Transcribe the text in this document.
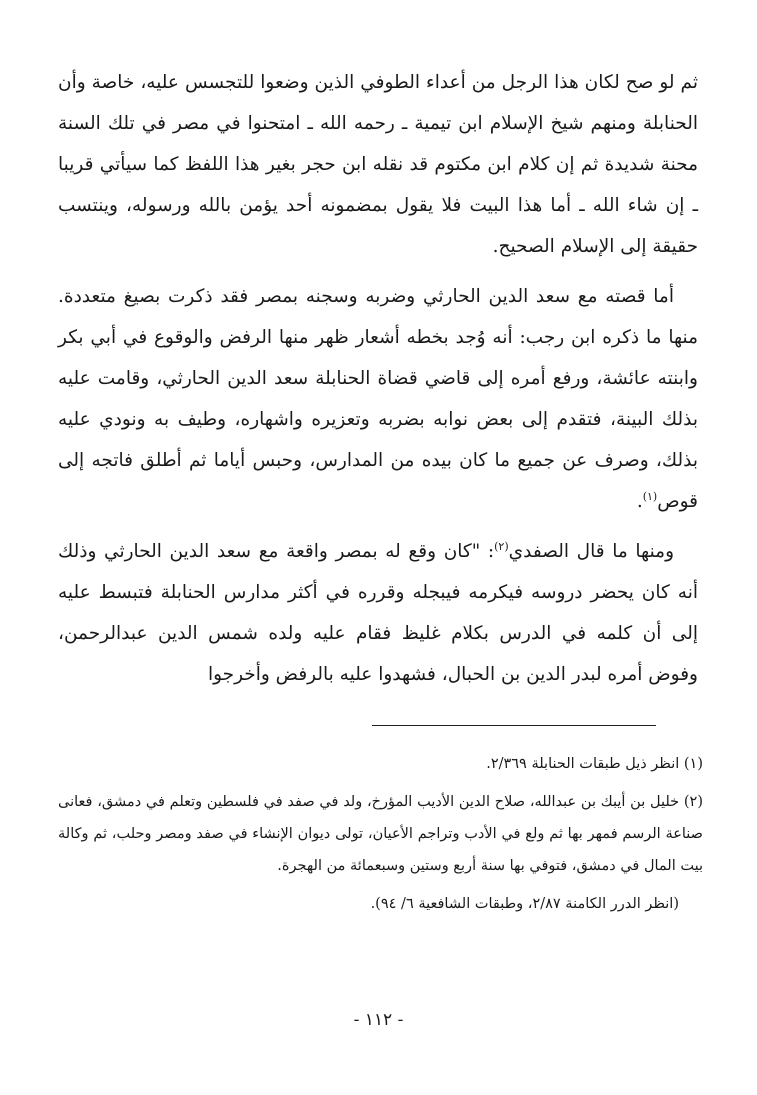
ثم لو صح لكان هذا الرجل من أعداء الطوفي الذين وضعوا للتجسس عليه، خاصة وأن الحنابلة ومنهم شيخ الإسلام ابن تيمية ـ رحمه الله ـ امتحنوا في مصر في تلك السنة محنة شديدة ثم إن كلام ابن مكتوم قد نقله ابن حجر بغير هذا اللفظ كما سيأتي قريبا ـ إن شاء الله ـ أما هذا البيت فلا يقول بمضمونه أحد يؤمن بالله ورسوله، وينتسب حقيقة إلى الإسلام الصحيح.

أما قصته مع سعد الدين الحارثي وضربه وسجنه بمصر فقد ذكرت بصيغ متعددة. منها ما ذكره ابن رجب: أنه وُجد بخطه أشعار ظهر منها الرفض والوقوع في أبي بكر وابنته عائشة، ورفع أمره إلى قاضي قضاة الحنابلة سعد الدين الحارثي، وقامت عليه بذلك البينة، فتقدم إلى بعض نوابه بضربه وتعزيره واشهاره، وطيف به ونودي عليه بذلك، وصرف عن جميع ما كان بيده من المدارس، وحبس أياما ثم أطلق فاتجه إلى قوص$^{(١)}$.

ومنها ما قال الصفدي$^{(٢)}$: "كان وقع له بمصر واقعة مع سعد الدين الحارثي وذلك أنه كان يحضر دروسه فيكرمه فيبجله وقرره في أكثر مدارس الحنابلة فتبسط عليه إلى أن كلمه في الدرس بكلام غليظ فقام عليه ولده شمس الدين عبدالرحمن، وفوض أمره لبدر الدين بن الحبال، فشهدوا عليه بالرفض وأخرجوا

(١) انظر ذيل طبقات الحنابلة ٢/٣٦٩.

(٢) خليل بن أيبك بن عبدالله، صلاح الدين الأديب المؤرخ، ولد في صفد في فلسطين وتعلم في دمشق، فعانى صناعة الرسم فمهر بها ثم ولع في الأدب وتراجم الأعيان، تولى ديوان الإنشاء في صفد ومصر وحلب، ثم وكالة بيت المال في دمشق، فتوفي بها سنة أربع وستين وسبعمائة من الهجرة.

(انظر الدرر الكامنة ٢/٨٧، وطبقات الشافعية ٦/ ٩٤).

- ١١٢ -
